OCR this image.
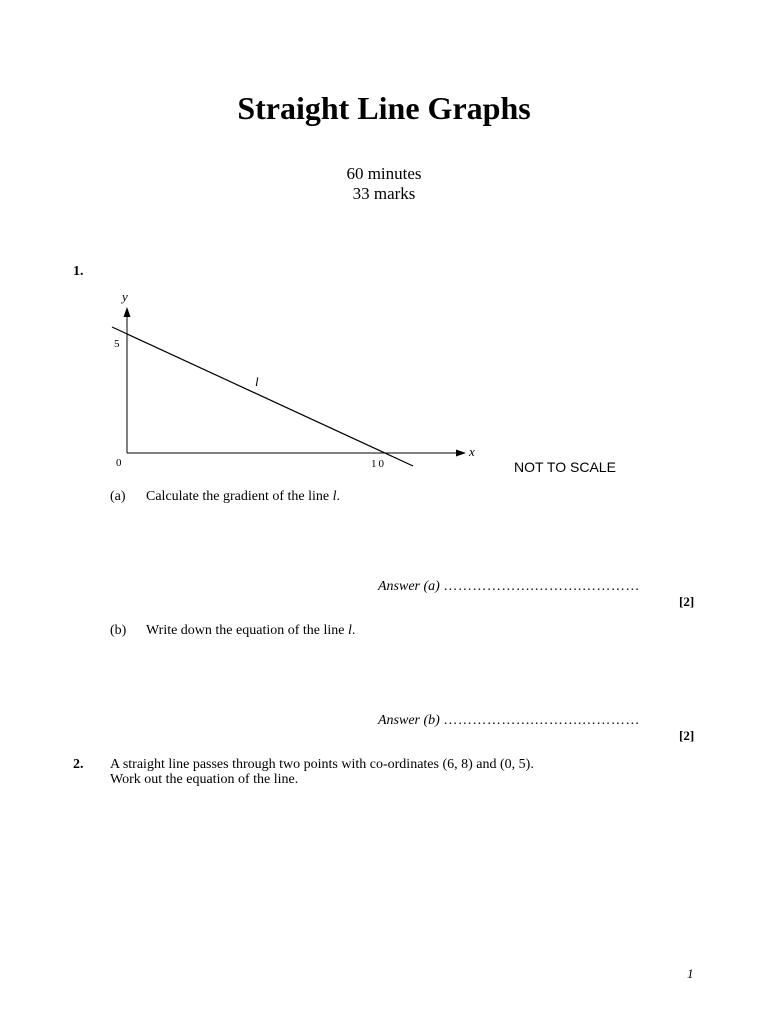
Straight Line Graphs
60 minutes
33 marks
1.
y
x
l
5
0	10	NOT TO SCALE
(a) Calculate the gradient of the line l.
Answer (a) ……………….……….…………
[2]
(b) Write down the equation of the line l.
Answer (b) ……………….……….…………
[2]
2. A straight line passes through two points with co-ordinates (6, 8) and (0, 5).
Work out the equation of the line.
1
